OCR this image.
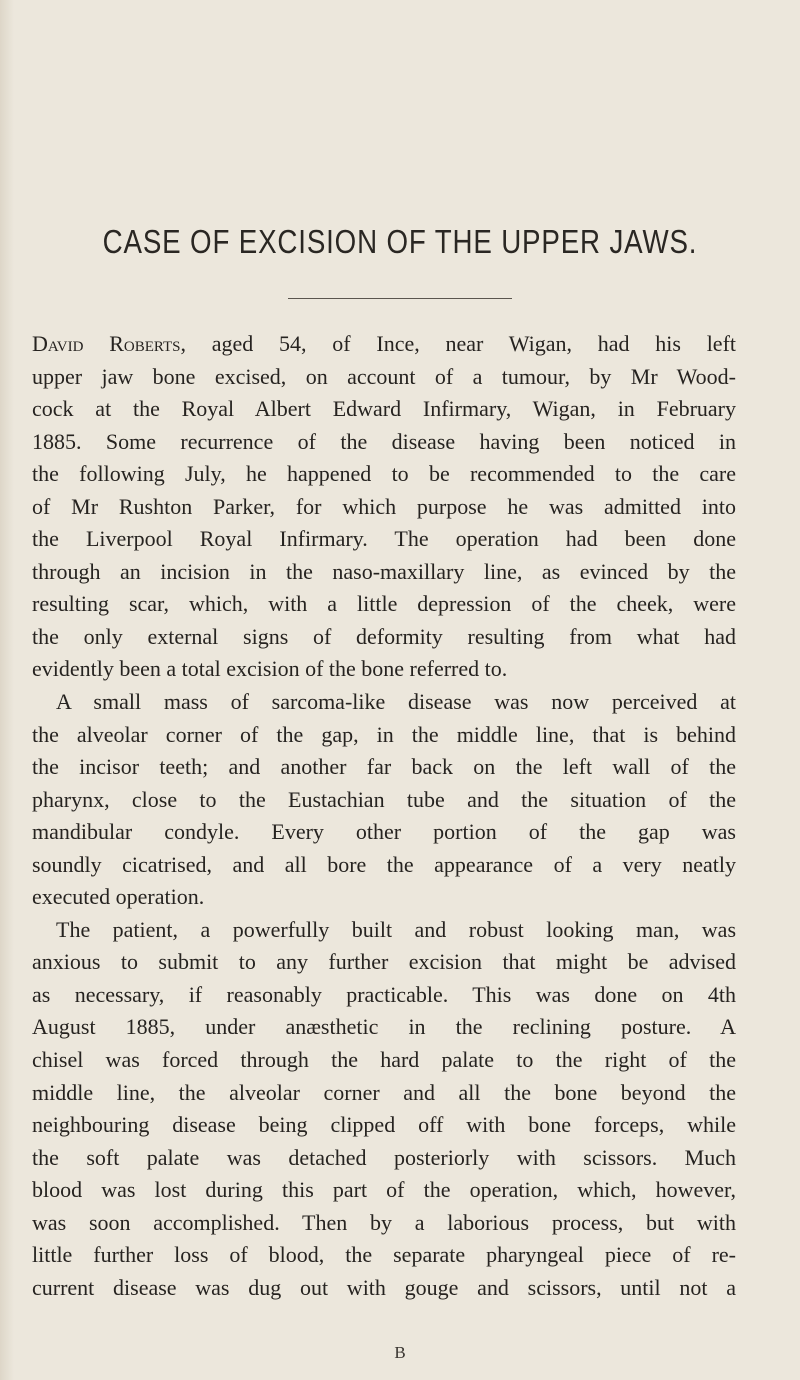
CASE OF EXCISION OF THE UPPER JAWS.
David Roberts, aged 54, of Ince, near Wigan, had his left
upper jaw bone excised, on account of a tumour, by Mr Wood-
cock at the Royal Albert Edward Infirmary, Wigan, in February
1885. Some recurrence of the disease having been noticed in
the following July, he happened to be recommended to the care
of Mr Rushton Parker, for which purpose he was admitted into
the Liverpool Royal Infirmary. The operation had been done
through an incision in the naso-maxillary line, as evinced by the
resulting scar, which, with a little depression of the cheek, were
the only external signs of deformity resulting from what had
evidently been a total excision of the bone referred to.
A small mass of sarcoma-like disease was now perceived at
the alveolar corner of the gap, in the middle line, that is behind
the incisor teeth; and another far back on the left wall of the
pharynx, close to the Eustachian tube and the situation of the
mandibular condyle. Every other portion of the gap was
soundly cicatrised, and all bore the appearance of a very neatly
executed operation.
The patient, a powerfully built and robust looking man, was
anxious to submit to any further excision that might be advised
as necessary, if reasonably practicable. This was done on 4th
August 1885, under anæsthetic in the reclining posture. A
chisel was forced through the hard palate to the right of the
middle line, the alveolar corner and all the bone beyond the
neighbouring disease being clipped off with bone forceps, while
the soft palate was detached posteriorly with scissors. Much
blood was lost during this part of the operation, which, however,
was soon accomplished. Then by a laborious process, but with
little further loss of blood, the separate pharyngeal piece of re-
current disease was dug out with gouge and scissors, until not a
B
